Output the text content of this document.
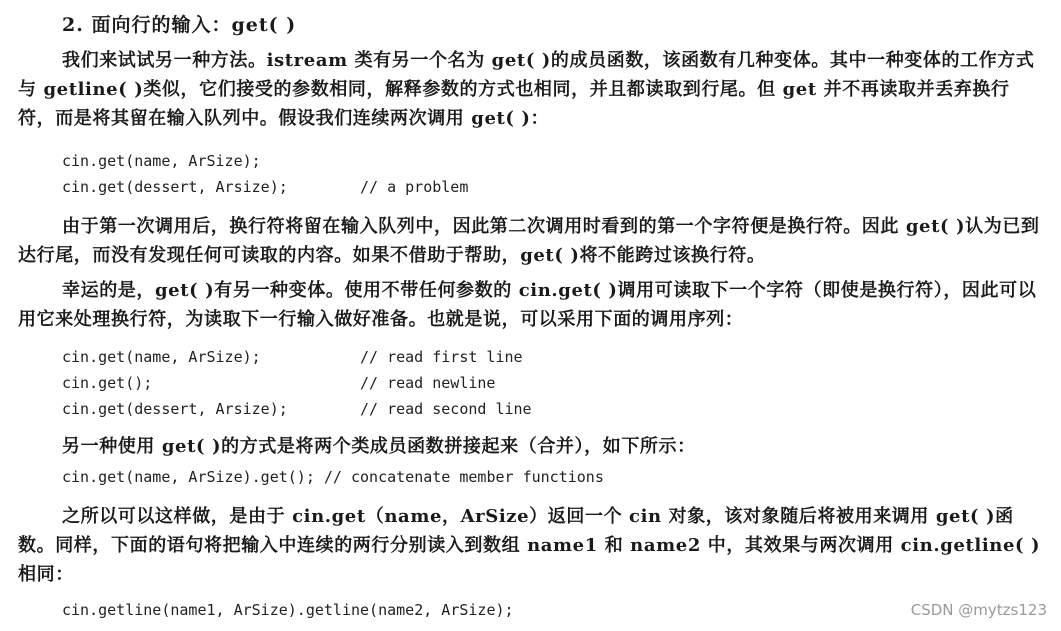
2. 面向行的输入：get( )

我们来试试另一种方法。istream 类有另一个名为 get( )的成员函数，该函数有几种变体。其中一种变体的工作方式与 getline( )类似，它们接受的参数相同，解释参数的方式也相同，并且都读取到行尾。但 get 并不再读取并丢弃换行符，而是将其留在输入队列中。假设我们连续两次调用 get( )：

cin.get(name, ArSize);
cin.get(dessert, Arsize);	// a problem

由于第一次调用后，换行符将留在输入队列中，因此第二次调用时看到的第一个字符便是换行符。因此 get( )认为已到达行尾，而没有发现任何可读取的内容。如果不借助于帮助，get( )将不能跨过该换行符。

幸运的是，get( )有另一种变体。使用不带任何参数的 cin.get( )调用可读取下一个字符（即使是换行符），因此可以用它来处理换行符，为读取下一行输入做好准备。也就是说，可以采用下面的调用序列：

cin.get(name, ArSize);	// read first line
cin.get();	// read newline
cin.get(dessert, Arsize);	// read second line

另一种使用 get( )的方式是将两个类成员函数拼接起来（合并），如下所示：

cin.get(name, ArSize).get(); // concatenate member functions

之所以可以这样做，是由于 cin.get（name，ArSize）返回一个 cin 对象，该对象随后将被用来调用 get( )函数。同样，下面的语句将把输入中连续的两行分别读入到数组 name1 和 name2 中，其效果与两次调用 cin.getline( )相同：

cin.getline(name1, ArSize).getline(name2, ArSize);	CSDN @mytzs123
